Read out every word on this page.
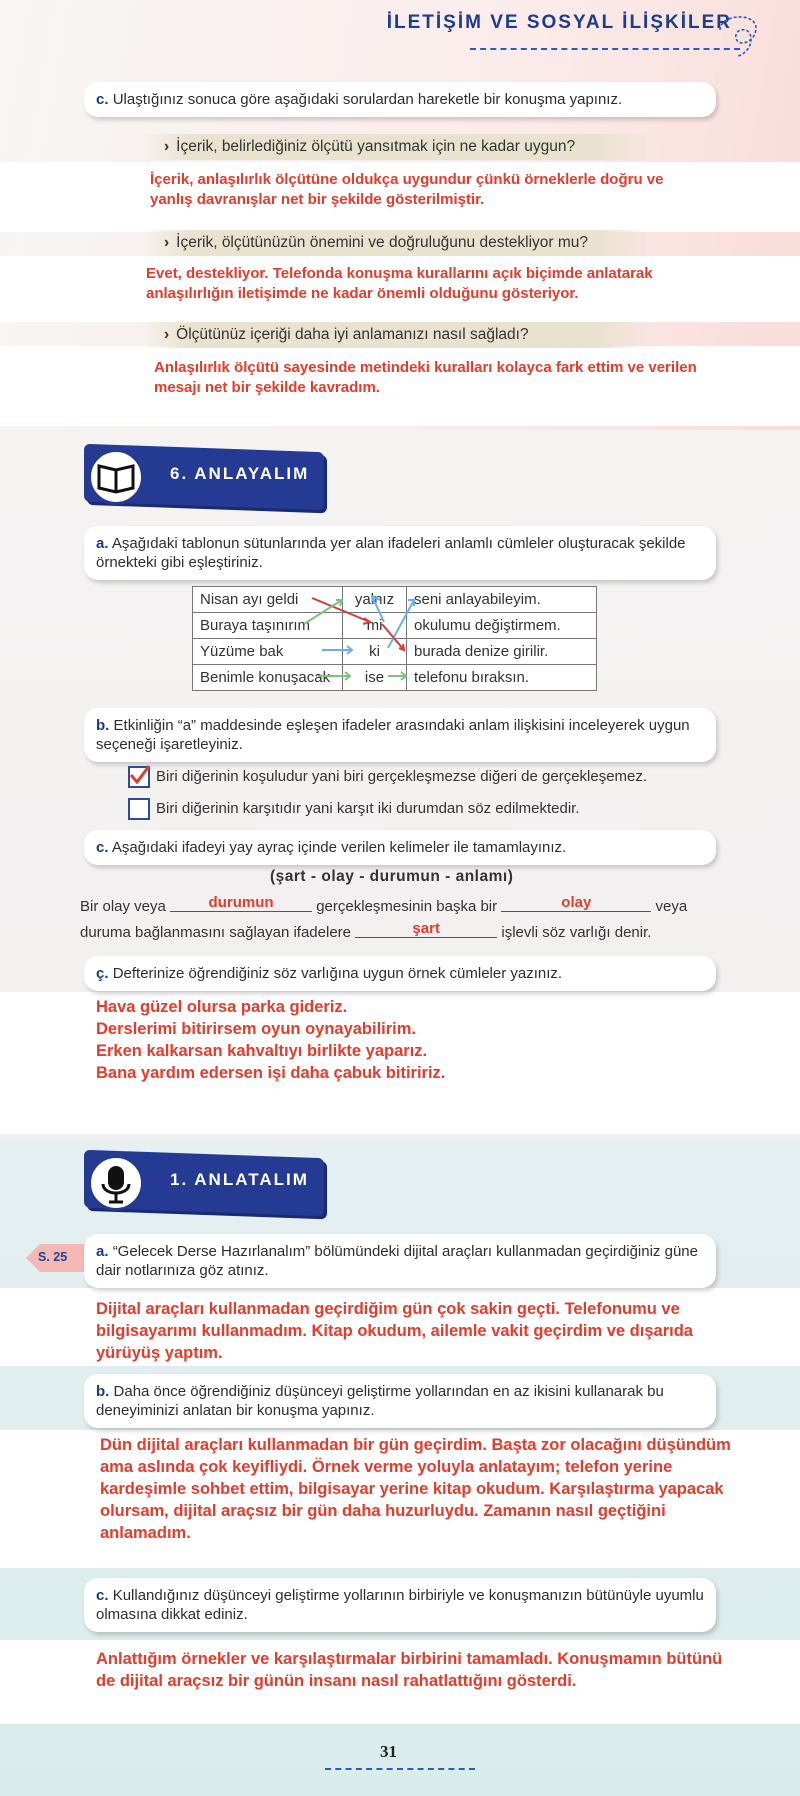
İLETİŞİM VE SOSYAL İLİŞKİLER
c. Ulaştığınız sonuca göre aşağıdaki sorulardan hareketle bir konuşma yapınız.
› İçerik, belirlediğiniz ölçütü yansıtmak için ne kadar uygun?
İçerik, anlaşılırlık ölçütüne oldukça uygundur çünkü örneklerle doğru ve yanlış davranışlar net bir şekilde gösterilmiştir.
› İçerik, ölçütünüzün önemini ve doğruluğunu destekliyor mu?
Evet, destekliyor. Telefonda konuşma kurallarını açık biçimde anlatarak anlaşılırlığın iletişimde ne kadar önemli olduğunu gösteriyor.
› Ölçütünüz içeriği daha iyi anlamanızı nasıl sağladı?
Anlaşılırlık ölçütü sayesinde metindeki kuralları kolayca fark ettim ve verilen mesajı net bir şekilde kavradım.
6. ANLAYALIM
a. Aşağıdaki tablonun sütunlarında yer alan ifadeleri anlamlı cümleler oluşturacak şekilde örnekteki gibi eşleştiriniz.
Nisan ayı geldi	yalnız	seni anlayabileyim.
Buraya taşınırım	mi	okulumu değiştirmem.
Yüzüme bak	ki	burada denize girilir.
Benimle konuşacak	ise	telefonu bıraksın.
b. Etkinliğin “a” maddesinde eşleşen ifadeler arasındaki anlam ilişkisini inceleyerek uygun seçeneği işaretleyiniz.
Biri diğerinin koşuludur yani biri gerçekleşmezse diğeri de gerçekleşemez.
Biri diğerinin karşıtıdır yani karşıt iki durumdan söz edilmektedir.
c. Aşağıdaki ifadeyi yay ayraç içinde verilen kelimeler ile tamamlayınız.
(şart - olay - durumun - anlamı)
Bir olay veya	durumun	gerçekleşmesinin başka bir	olay	veya
duruma bağlanmasını sağlayan ifadelere	şart	işlevli söz varlığı denir.
ç. Defterinize öğrendiğiniz söz varlığına uygun örnek cümleler yazınız.
Hava güzel olursa parka gideriz.
Derslerimi bitirirsem oyun oynayabilirim.
Erken kalkarsan kahvaltıyı birlikte yaparız.
Bana yardım edersen işi daha çabuk bitiririz.
1. ANLATALIM
S. 25	a. “Gelecek Derse Hazırlanalım” bölümündeki dijital araçları kullanmadan geçirdiğiniz güne dair notlarınıza göz atınız.
Dijital araçları kullanmadan geçirdiğim gün çok sakin geçti. Telefonumu ve bilgisayarımı kullanmadım. Kitap okudum, ailemle vakit geçirdim ve dışarıda yürüyüş yaptım.
b. Daha önce öğrendiğiniz düşünceyi geliştirme yollarından en az ikisini kullanarak bu deneyiminizi anlatan bir konuşma yapınız.
Dün dijital araçları kullanmadan bir gün geçirdim. Başta zor olacağını düşündüm ama aslında çok keyifliydi. Örnek verme yoluyla anlatayım; telefon yerine kardeşimle sohbet ettim, bilgisayar yerine kitap okudum. Karşılaştırma yapacak olursam, dijital araçsız bir gün daha huzurluydu. Zamanın nasıl geçtiğini anlamadım.
c. Kullandığınız düşünceyi geliştirme yollarının birbiriyle ve konuşmanızın bütünüyle uyumlu olmasına dikkat ediniz.
Anlattığım örnekler ve karşılaştırmalar birbirini tamamladı. Konuşmamın bütünü de dijital araçsız bir günün insanı nasıl rahatlattığını gösterdi.
31
